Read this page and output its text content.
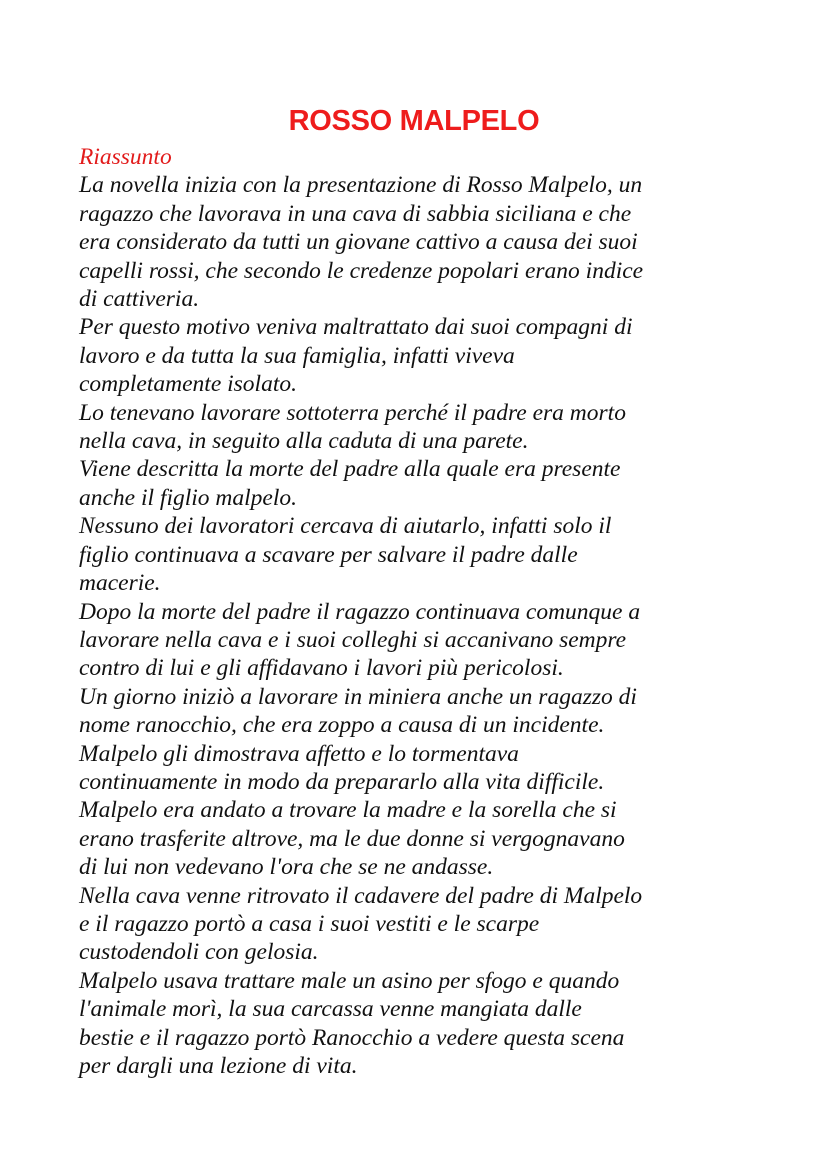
ROSSO MALPELO
Riassunto
La novella inizia con la presentazione di Rosso Malpelo, un
ragazzo che lavorava in una cava di sabbia siciliana e che
era considerato da tutti un giovane cattivo a causa dei suoi
capelli rossi, che secondo le credenze popolari erano indice
di cattiveria.
Per questo motivo veniva maltrattato dai suoi compagni di
lavoro e da tutta la sua famiglia, infatti viveva
completamente isolato.
Lo tenevano lavorare sottoterra perché il padre era morto
nella cava, in seguito alla caduta di una parete.
Viene descritta la morte del padre alla quale era presente
anche il figlio malpelo.
Nessuno dei lavoratori cercava di aiutarlo, infatti solo il
figlio continuava a scavare per salvare il padre dalle
macerie.
Dopo la morte del padre il ragazzo continuava comunque a
lavorare nella cava e i suoi colleghi si accanivano sempre
contro di lui e gli affidavano i lavori più pericolosi.
Un giorno iniziò a lavorare in miniera anche un ragazzo di
nome ranocchio, che era zoppo a causa di un incidente.
Malpelo gli dimostrava affetto e lo tormentava
continuamente in modo da prepararlo alla vita difficile.
Malpelo era andato a trovare la madre e la sorella che si
erano trasferite altrove, ma le due donne si vergognavano
di lui non vedevano l'ora che se ne andasse.
Nella cava venne ritrovato il cadavere del padre di Malpelo
e il ragazzo portò a casa i suoi vestiti e le scarpe
custodendoli con gelosia.
Malpelo usava trattare male un asino per sfogo e quando
l'animale morì, la sua carcassa venne mangiata dalle
bestie e il ragazzo portò Ranocchio a vedere questa scena
per dargli una lezione di vita.
